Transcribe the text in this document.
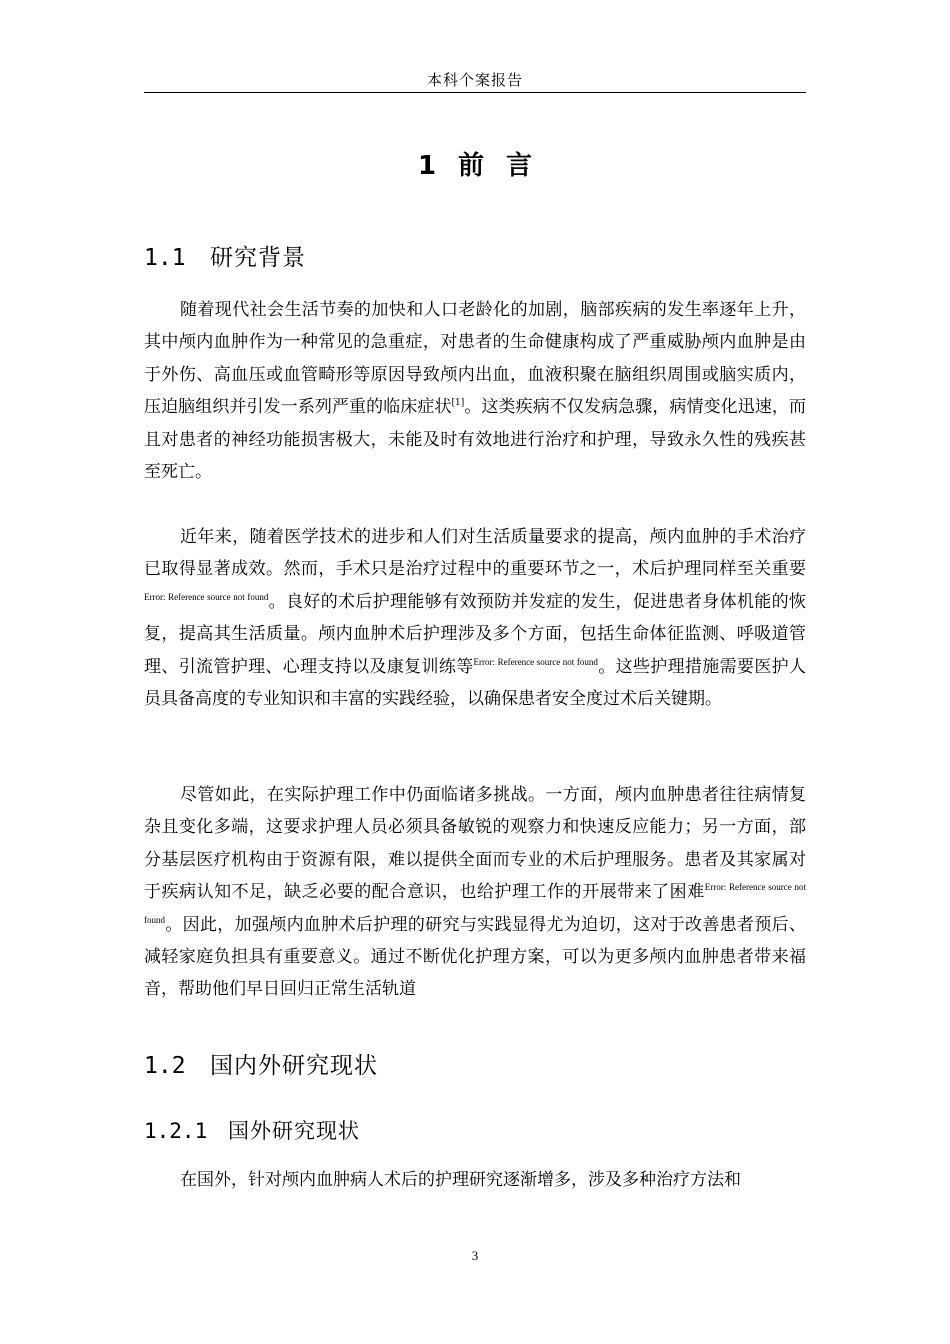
本科个案报告
1 前言
1.1 研究背景

随着现代社会生活节奏的加快和人口老龄化的加剧，脑部疾病的发生率逐年上升，其中颅内血肿作为一种常见的急重症，对患者的生命健康构成了严重威胁颅内血肿是由于外伤、高血压或血管畸形等原因导致颅内出血，血液积聚在脑组织周围或脑实质内，压迫脑组织并引发一系列严重的临床症状[1]。这类疾病不仅发病急骤，病情变化迅速，而且对患者的神经功能损害极大，未能及时有效地进行治疗和护理，导致永久性的残疾甚至死亡。

近年来，随着医学技术的进步和人们对生活质量要求的提高，颅内血肿的手术治疗已取得显著成效。然而，手术只是治疗过程中的重要环节之一，术后护理同样至关重要$^{Error: Reference source not found}$。良好的术后护理能够有效预防并发症的发生，促进患者身体机能的恢复，提高其生活质量。颅内血肿术后护理涉及多个方面，包括生命体征监测、呼吸道管理、引流管护理、心理支持以及康复训练等$^{Error: Reference source not found}$。这些护理措施需要医护人员具备高度的专业知识和丰富的实践经验，以确保患者安全度过术后关键期。

尽管如此，在实际护理工作中仍面临诸多挑战。一方面，颅内血肿患者往往病情复杂且变化多端，这要求护理人员必须具备敏锐的观察力和快速反应能力；另一方面，部分基层医疗机构由于资源有限，难以提供全面而专业的术后护理服务。患者及其家属对于疾病认知不足，缺乏必要的配合意识，也给护理工作的开展带来了困难$^{Error: Reference source not found}$。因此，加强颅内血肿术后护理的研究与实践显得尤为迫切，这对于改善患者预后、减轻家庭负担具有重要意义。通过不断优化护理方案，可以为更多颅内血肿患者带来福音，帮助他们早日回归正常生活轨道

1.2 国内外研究现状
1.2.1 国外研究现状

在国外，针对颅内血肿病人术后的护理研究逐渐增多，涉及多种治疗方法和

3
